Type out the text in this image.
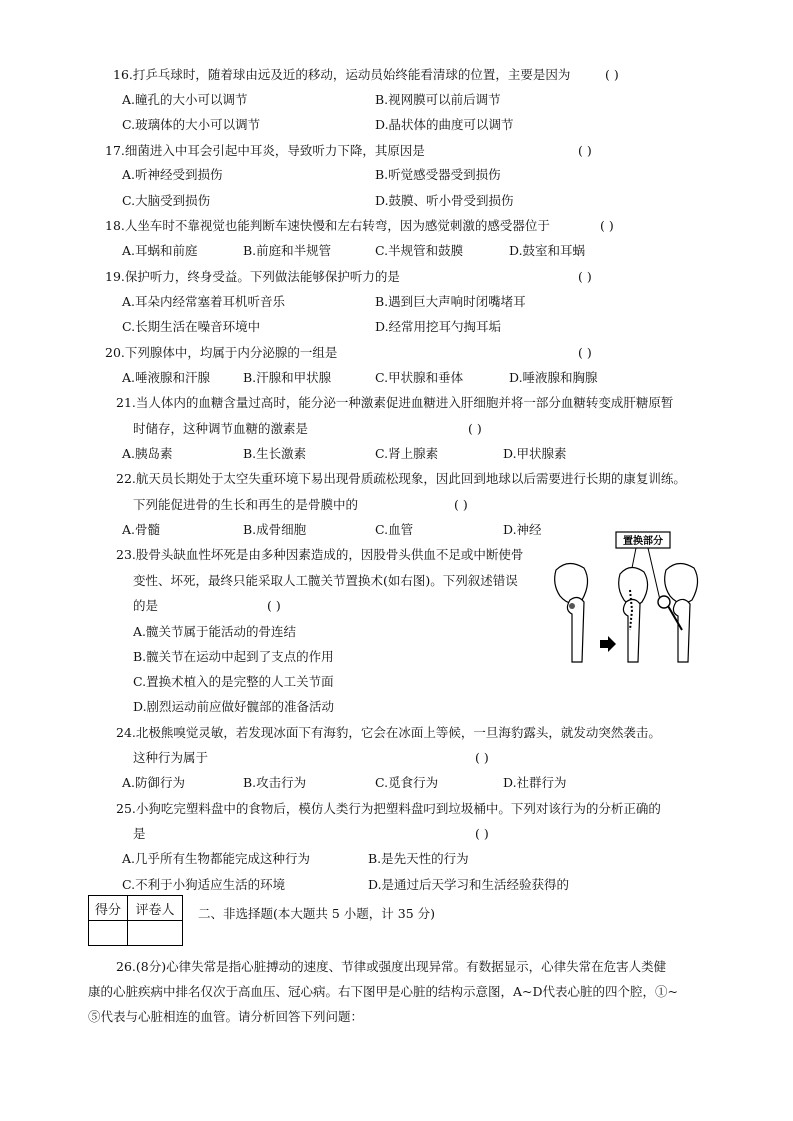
16.打乒乓球时，随着球由远及近的移动，运动员始终能看清球的位置，主要是因为	( )
A.瞳孔的大小可以调节	B.视网膜可以前后调节
C.玻璃体的大小可以调节	D.晶状体的曲度可以调节
17.细菌进入中耳会引起中耳炎，导致听力下降，其原因是	( )
A.听神经受到损伤	B.听觉感受器受到损伤
C.大脑受到损伤	D.鼓膜、听小骨受到损伤
18.人坐车时不靠视觉也能判断车速快慢和左右转弯，因为感觉刺激的感受器位于	( )
A.耳蜗和前庭	B.前庭和半规管	C.半规管和鼓膜	D.鼓室和耳蜗
19.保护听力，终身受益。下列做法能够保护听力的是	( )
A.耳朵内经常塞着耳机听音乐	B.遇到巨大声响时闭嘴堵耳
C.长期生活在噪音环境中	D.经常用挖耳勺掏耳垢
20.下列腺体中，均属于内分泌腺的一组是	( )
A.唾液腺和汗腺	B.汗腺和甲状腺	C.甲状腺和垂体	D.唾液腺和胸腺
21.当人体内的血糖含量过高时，能分泌一种激素促进血糖进入肝细胞并将一部分血糖转变成肝糖原暂
时储存，这种调节血糖的激素是	( )
A.胰岛素	B.生长激素	C.肾上腺素	D.甲状腺素
22.航天员长期处于太空失重环境下易出现骨质疏松现象，因此回到地球以后需要进行长期的康复训练。
下列能促进骨的生长和再生的是骨膜中的	( )
A.骨髓	B.成骨细胞	C.血管	D.神经
23.股骨头缺血性坏死是由多种因素造成的，因股骨头供血不足或中断使骨
变性、坏死，最终只能采取人工髋关节置换术(如右图)。下列叙述错误
的是	( )
A.髋关节属于能活动的骨连结
B.髋关节在运动中起到了支点的作用
C.置换术植入的是完整的人工关节面
D.剧烈运动前应做好髋部的准备活动
置换部分
24.北极熊嗅觉灵敏，若发现冰面下有海豹，它会在冰面上等候，一旦海豹露头，就发动突然袭击。
这种行为属于	( )
A.防御行为	B.攻击行为	C.觅食行为	D.社群行为
25.小狗吃完塑料盘中的食物后，模仿人类行为把塑料盘叼到垃圾桶中。下列对该行为的分析正确的
是	( )
A.几乎所有生物都能完成这种行为	B.是先天性的行为
C.不利于小狗适应生活的环境	D.是通过后天学习和生活经验获得的
得分	评卷人
	二、非选择题(本大题共 5 小题，计 35 分)
26.(8分)心律失常是指心脏搏动的速度、节律或强度出现异常。有数据显示，心律失常在危害人类健
康的心脏疾病中排名仅次于高血压、冠心病。右下图甲是心脏的结构示意图，A~D代表心脏的四个腔，①~
⑤代表与心脏相连的血管。请分析回答下列问题：
